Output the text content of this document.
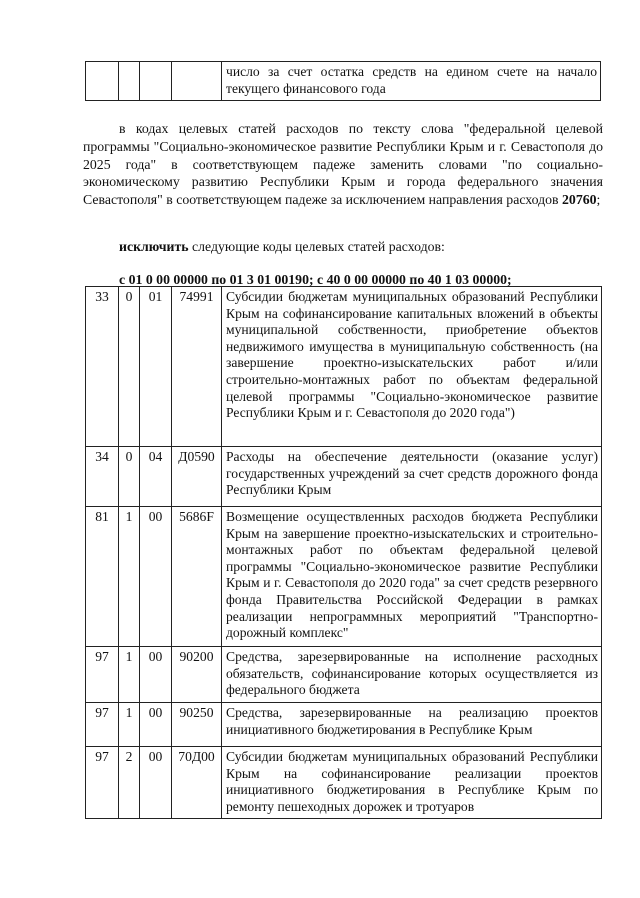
				число за счет остатка средств на едином счете на начало текущего финансового года
в кодах целевых статей расходов по тексту слова "федеральной целевой программы "Социально-экономическое развитие Республики Крым и г. Севастополя до 2025 года" в соответствующем падеже заменить словами "по социально-экономическому развитию Республики Крым и города федерального значения Севастополя" в соответствующем падеже за исключением направления расходов 20760;
исключить следующие коды целевых статей расходов:
с 01 0 00 00000 по 01 3 01 00190; с 40 0 00 00000 по 40 1 03 00000;
33	0	01	74991	Субсидии бюджетам муниципальных образований Республики Крым на софинансирование капитальных вложений в объекты муниципальной собственности, приобретение объектов недвижимого имущества в муниципальную собственность (на завершение проектно-изыскательских работ и/или строительно-монтажных работ по объектам федеральной целевой программы "Социально-экономическое развитие Республики Крым и г. Севастополя до 2020 года")
34	0	04	Д0590	Расходы на обеспечение деятельности (оказание услуг) государственных учреждений за счет средств дорожного фонда Республики Крым
81	1	00	5686F	Возмещение осуществленных расходов бюджета Республики Крым на завершение проектно-изыскательских и строительно-монтажных работ по объектам федеральной целевой программы "Социально-экономическое развитие Республики Крым и г. Севастополя до 2020 года" за счет средств резервного фонда Правительства Российской Федерации в рамках реализации непрограммных мероприятий "Транспортно-дорожный комплекс"
97	1	00	90200	Средства, зарезервированные на исполнение расходных обязательств, софинансирование которых осуществляется из федерального бюджета
97	1	00	90250	Средства, зарезервированные на реализацию проектов инициативного бюджетирования в Республике Крым
97	2	00	70Д00	Субсидии бюджетам муниципальных образований Республики Крым на софинансирование реализации проектов инициативного бюджетирования в Республике Крым по ремонту пешеходных дорожек и тротуаров
